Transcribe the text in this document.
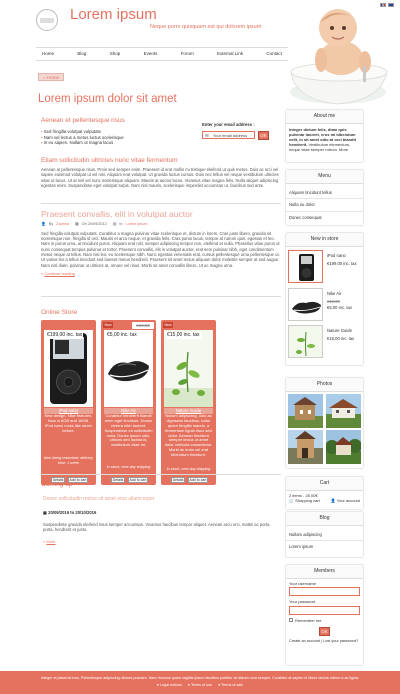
Lorem ipsum
Neque porro quisquam est qui dolorem ipsum
Home	Blog	Shop	Events	Forum	External Link	Contact
⌂ Home
Lorem ipsum dolor sit amet
Aenean et pellentesque risus
▪ Sed fringilla volutpat vulputats
▪ Nam vel lectus a metus luctus scelerisque
▪ In eu sapien. Nullam ut magna lacus
Enter your email address :
✉ Your email address	OK
Etiam sollicitudin ultricies nunc vitae fermentum

Aenean at pellentesque risus. Proin sed semper enim. Praesent id erat mollis mi tristique eleifend ut quis metus. Duis ac orci vel sapien euismod volutpat ut vel nisi. Aliquam erat volutpat. Ut gravida luctus cursus. Duis nec tellus vel neque vestibulum ultricies vitae ut lacus. Ut at nisl vel nunc scelerisque aliquam. Mauris at auctor lacus. Vivamus vitae magna felis. Nulla aliquet adipiscing egestas enim. Suspendisse eget volutpat turpis. Nam nisi mauris, scelerisque imperdiet accumsan ut, faucibus sed ante.

Praesent convallis, elit in volutpat auctor
👤 By Zaphira ▦ On 20/09/2012 ▤ In Lorem ipsum

Sed fringilla volutpat vulputats. Curabitur a magna pulvinar vitae scelerisque et, dictum in lorem. Cras justo libero, gravida sit scelerisque non, fringilla id orci. Mauris et arcu neque, et gravida felis. Cras purus lacus, tempor at rutrum quis, egestas et leo. Nam in purus urna, at tincidunt purus. Aliquam erat nisl, semper adipiscing tempor non, eleifend at nulla. Phasellus vitae purus ut nunc consequat tempus pulvinar et tortor. Praesent convallis, elit in volutpat auctor, erat sem pulvinar nibh, eget condimentum metus neque at tellus. Nam nisi leo, eu scelerisque nibh. Nunc egestas venenatis erat, cursus pellentesque urna pellentesque ut. Ut varius leo a tellus tincidunt sed laoreet metus hendrerit. Praesent sit amet lectus aliquam dolor molestie semper at sed augue. Nam nisl diam, pulvinar ut ultrices at, ornare vel risus. Morbi sit amet convallis libero. Ut ac magna urna.

» Continue reading
Online Store
€199,00 inc. tax
iPod nano
New design. Nike features. Now in 8GB and 16GB. iPod nano rocks like never before.
Item being restocked, delivery time: 1 week
Details	Add to cart
New	€10,00
€5,00 inc. tax
Nike Air
Curabitur hendrerit blandit enim eget tincidunt. Donec viverra nibh laoreet. Suspendisse eu sollicitudin nulla. Donec ipsum odio, ultrices sed lacinia id, vestibulum vitae mi.
In stock, next-day shipping
Details	Add to cart
New
€15,00 inc. tax
Nature Guide
Nullam adipiscing, odio ac dignissim faucibus, tortor quam fringilla mauris, a fermentum ligula risus sed dolor. Aenean tincidunt semper lectus ut amet dolor vehicula consectetur. Morbi ac enim vel erat bibendum tincidunt.
In stock, next-day shipping
Details	Add to cart
Coming up
Donec sollicitudin metus sit amet eros ullamcorper
▦ 20/09/2016 to 20/10/2016

Suspendisse gravida eleifend risus semper accumsan. Vivamus faucibus tempor aliquet. Aenean arcu orci, mattis ac porta porta, hendrerit et justo.

» More
About me
Integer dictum felis, diam quis pulvinar laoreet, eros mi bibendum velit, in sit amet odio at orci blandit hendrerit. Vestibulum elementum, neque vitae semper rutrum. More
Menu
Aliquam tincidunt tellus
Nulla eu dolor
Donec consequat
New in store
iPod nano
€199,00 inc. tax
Nike Air
€10,00
€5,00 inc. tax
Nature Guide
€15,00 inc. tax
Photos
Cart
2 items - 25,00€
🛒 Shopping cart	👤 Your account
Blog
Nullam adipiscing
Lorem ipsum
Members
Your username
Your password
Remember me
OK
Create an account | Lost your password?
Integer et placerat eros. Pellentesque adipiscing ultrices posuere. Nam rhoncus quam sagittis ipsum faucibus porttitor at dictum urna semper. Curabitur at sapien id libero lacinia rutrum a ac ligula.
● Legal notices ● Terms of use ● Terms of sale
